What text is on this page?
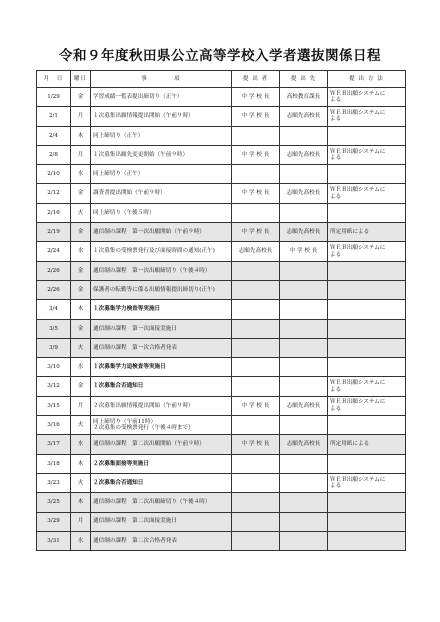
令和９年度秋田県公立高等学校入学者選抜関係日程
月　日	曜日	事　　　　項	提 出 者	提 出 先	提 出 方 法
1/29	金	学習成績一覧表提出締切り（正午）	中 学 校 長	高校教育課長	ＷＥＢ出願システムに
よる

2/1	月	１次募集出願情報提出開始（午前９時）	中 学 校 長	志願先高校長	ＷＥＢ出願システムに
よる

2/4	木	同上締切り（正午）			

2/8	月	１次募集出願先変更開始（午前９時）	中 学 校 長	志願先高校長	ＷＥＢ出願システムに
よる

2/10	水	同上締切り（正午）			

2/12	金	調査書提出開始（午前９時）	中 学 校 長	志願先高校長	ＷＥＢ出願システムに
よる

2/16	火	同上締切り（午後５時）			

2/19	金	通信制の課程　第一次出願開始（午前９時）	中 学 校 長	志願先高校長	所定用紙による

2/24	水	１次募集の受検票発行及び面接時間の通知(正午)	志願先高校長	中 学 校 長	ＷＥＢ出願システムに
よる

2/26	金	通信制の課程　第一次出願締切り（午後４時）			

2/26	金	保護者の転勤等に係る出願情報提出締切り(正午)			

3/4	木	１次募集学力検査等実施日			

3/5	金	通信制の課程　第一次面接実施日			

3/9	火	通信制の課程　第一次合格者発表			

3/10	水	１次募集学力追検査等実施日			

3/12	金	１次募集合否通知日			ＷＥＢ出願システムに
よる

3/15	月	２次募集出願情報提出開始（午前９時）	中 学 校 長	志願先高校長	ＷＥＢ出願システムに
よる

3/16	火	同上締切り（午前11時）
２次募集の受検票発行（午後４時まで）			

3/17	水	通信制の課程　第二次出願開始（午前９時）	中 学 校 長	志願先高校長	所定用紙による

3/18	木	２次募集面接等実施日			

3/23	火	２次募集合否通知日			ＷＥＢ出願システムに
よる

3/25	木	通信制の課程　第二次出願締切り（午後４時）			

3/29	月	通信制の課程　第二次面接実施日			

3/31	水	通信制の課程　第二次合格者発表			
